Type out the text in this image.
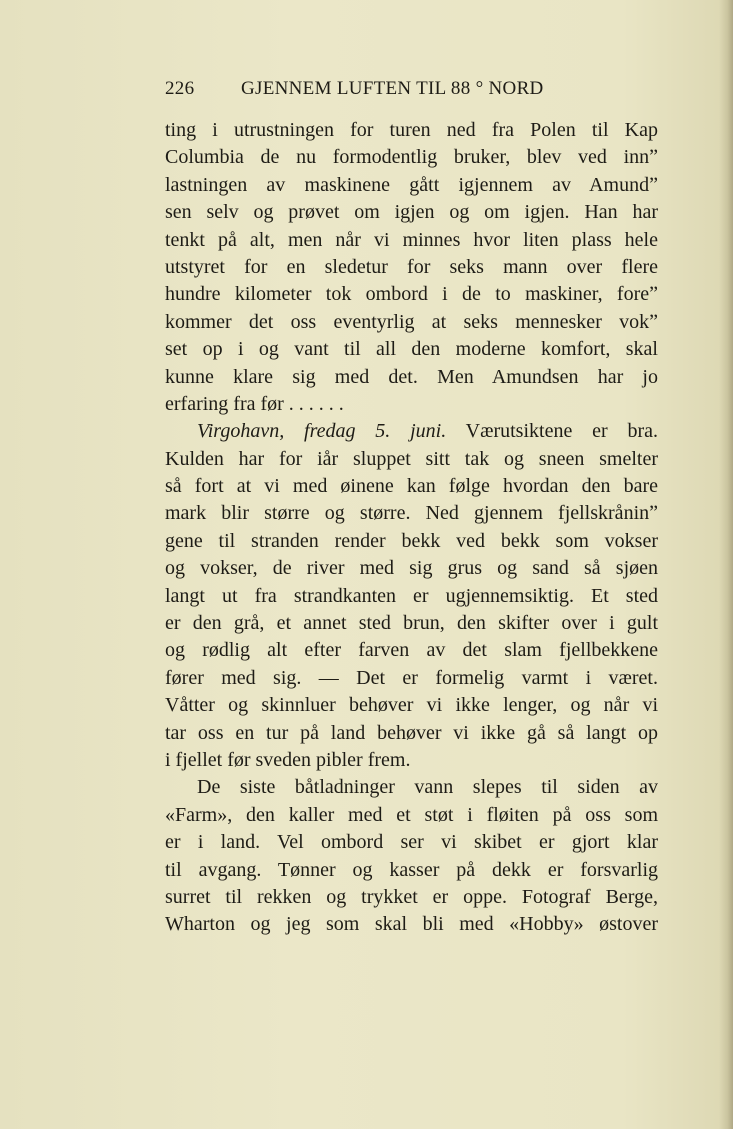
226 GJENNEM LUFTEN TIL 88 ° NORD
ting i utrustningen for turen ned fra Polen til Kap
Columbia de nu formodentlig bruker, blev ved innˮ
lastningen av maskinene gått igjennem av Amundˮ
sen selv og prøvet om igjen og om igjen. Han har
tenkt på alt, men når vi minnes hvor liten plass hele
utstyret for en sledetur for seks mann over flere
hundre kilometer tok ombord i de to maskiner, foreˮ
kommer det oss eventyrlig at seks mennesker vokˮ
set op i og vant til all den moderne komfort, skal
kunne klare sig med det. Men Amundsen har jo
erfaring fra før . . . . . .
Virgohavn, fredag 5. juni. Værutsiktene er bra.
Kulden har for iår sluppet sitt tak og sneen smelter
så fort at vi med øinene kan følge hvordan den bare
mark blir større og større. Ned gjennem fjellskråninˮ
gene til stranden render bekk ved bekk som vokser
og vokser, de river med sig grus og sand så sjøen
langt ut fra strandkanten er ugjennemsiktig. Et sted
er den grå, et annet sted brun, den skifter over i gult
og rødlig alt efter farven av det slam fjellbekkene
fører med sig. — Det er formelig varmt i været.
Våtter og skinnluer behøver vi ikke lenger, og når vi
tar oss en tur på land behøver vi ikke gå så langt op
i fjellet før sveden pibler frem.
De siste båtladninger vann slepes til siden av
«Farm», den kaller med et støt i fløiten på oss som
er i land. Vel ombord ser vi skibet er gjort klar
til avgang. Tønner og kasser på dekk er forsvarlig
surret til rekken og trykket er oppe. Fotograf Berge,
Wharton og jeg som skal bli med «Hobby» østover
